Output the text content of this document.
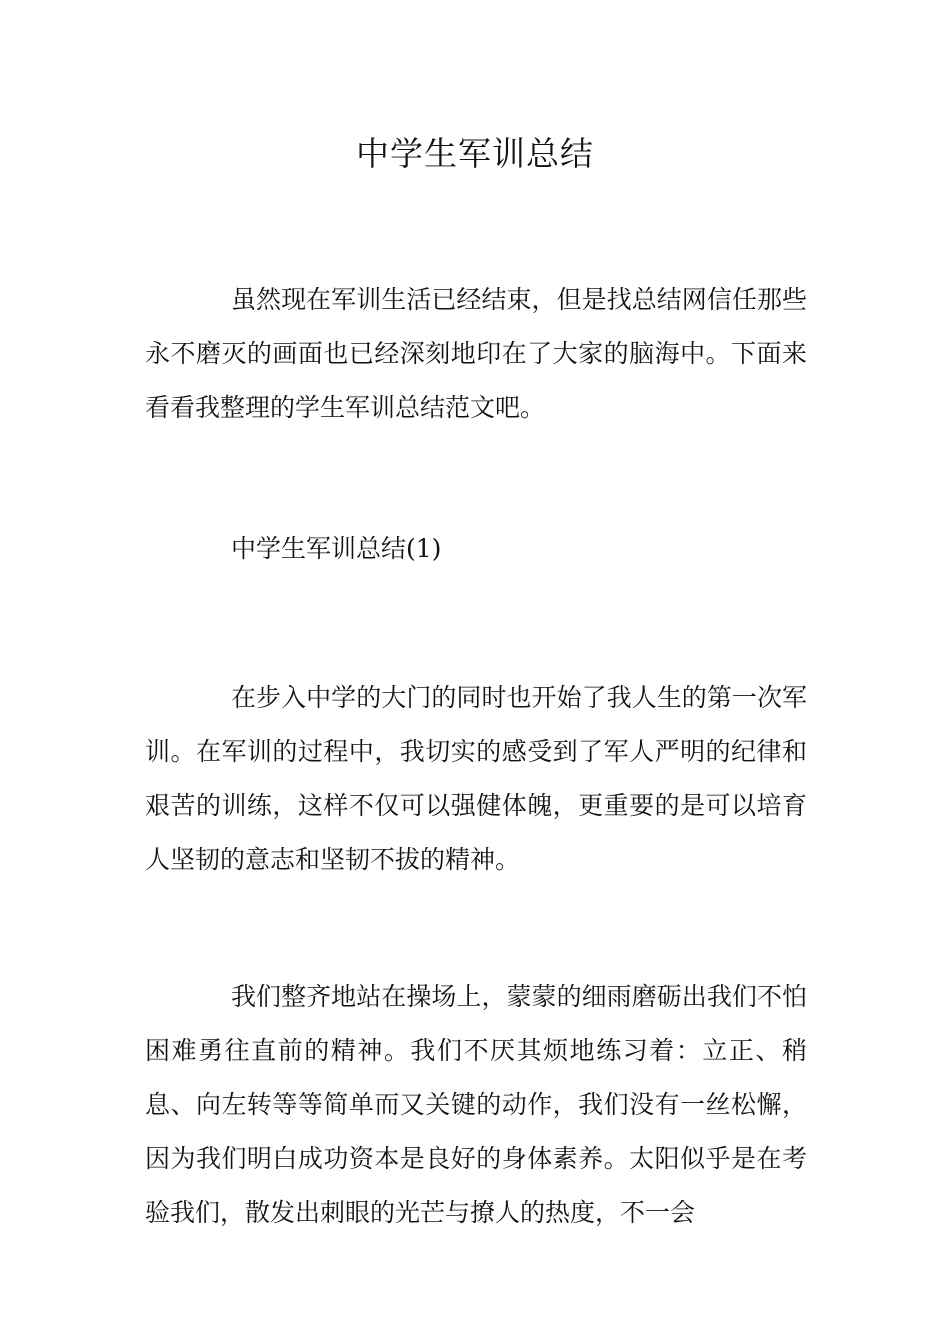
中学生军训总结

虽然现在军训生活已经结束，但是找总结网信任那些永不磨灭的画面也已经深刻地印在了大家的脑海中。下面来看看我整理的学生军训总结范文吧。

中学生军训总结(1)

在步入中学的大门的同时也开始了我人生的第一次军训。在军训的过程中，我切实的感受到了军人严明的纪律和艰苦的训练，这样不仅可以强健体魄，更重要的是可以培育人坚韧的意志和坚韧不拔的精神。

我们整齐地站在操场上，蒙蒙的细雨磨砺出我们不怕困难勇往直前的精神。我们不厌其烦地练习着：立正、稍息、向左转等等简单而又关键的动作，我们没有一丝松懈，因为我们明白成功资本是良好的身体素养。太阳似乎是在考验我们，散发出刺眼的光芒与撩人的热度，不一会
